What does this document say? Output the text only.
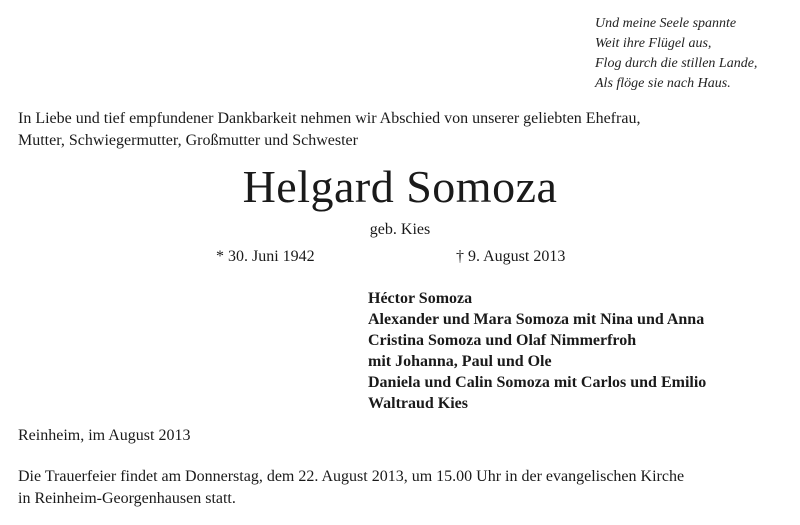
Und meine Seele spannte
Weit ihre Flügel aus,
Flog durch die stillen Lande,
Als flöge sie nach Haus.
In Liebe und tief empfundener Dankbarkeit nehmen wir Abschied von unserer geliebten Ehefrau,
Mutter, Schwiegermutter, Großmutter und Schwester
Helgard Somoza
geb. Kies
* 30. Juni 1942	† 9. August 2013
Héctor Somoza
Alexander und Mara Somoza mit Nina und Anna
Cristina Somoza und Olaf Nimmerfroh
mit Johanna, Paul und Ole
Daniela und Calin Somoza mit Carlos und Emilio
Waltraud Kies
Reinheim, im August 2013
Die Trauerfeier findet am Donnerstag, dem 22. August 2013, um 15.00 Uhr in der evangelischen Kirche
in Reinheim-Georgenhausen statt.
